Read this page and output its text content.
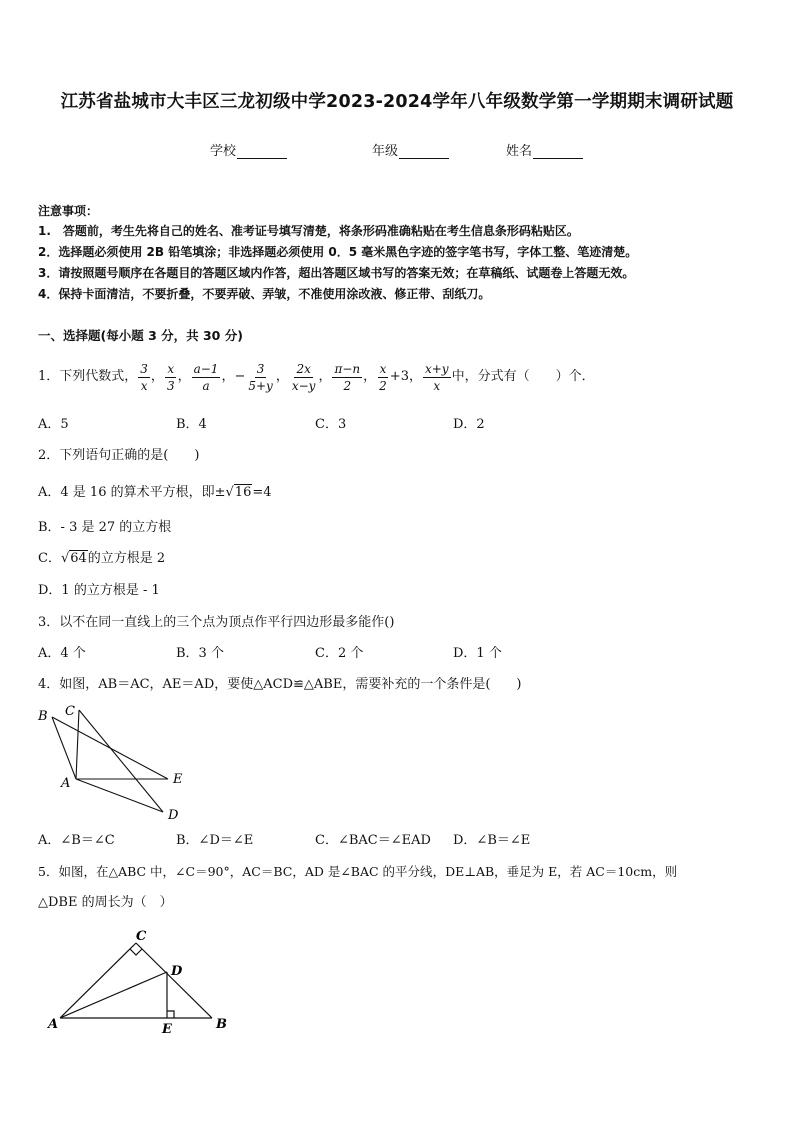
江苏省盐城市大丰区三龙初级中学2023-2024学年八年级数学第一学期期末调研试题
学校	年级	姓名
注意事项：
1.　答题前，考生先将自己的姓名、准考证号填写清楚，将条形码准确粘贴在考生信息条形码粘贴区。
2．选择题必须使用 2B 铅笔填涂；非选择题必须使用 0．5 毫米黑色字迹的签字笔书写，字体工整、笔迹清楚。
3．请按照题号顺序在各题目的答题区域内作答，超出答题区域书写的答案无效；在草稿纸、试题卷上答题无效。
4．保持卡面清洁，不要折叠，不要弄破、弄皱，不准使用涂改液、修正带、刮纸刀。
一、选择题(每小题 3 分，共 30 分)
1．下列代数式， $\frac{3}{x}$ ， $\frac{x}{3}$ ， $\frac{a-1}{a}$ ， − $\frac{3}{5+y}$ ， $\frac{2x}{x-y}$ ， $\frac{\pi-n}{2}$ ， $\frac{x}{2} +3$ ， $\frac{x+y}{x}$ 中，分式有（　　）个．
A．5	B．4	C．3	D．2
2．下列语句正确的是(　　)
A．4 是 16 的算术平方根，即±√16=4
B．- 3 是 27 的立方根
C．√64的立方根是 2
D．1 的立方根是 - 1
3．以不在同一直线上的三个点为顶点作平行四边形最多能作()
A．4 个	B．3 个	C．2 个	D．1 个
4．如图，AB＝AC，AE＝AD，要使△ACD≌△ABE，需要补充的一个条件是(　　)
B C
A	E
D
A．∠B＝∠C	B．∠D＝∠E	C．∠BAC＝∠EAD D．∠B＝∠E
5．如图，在△ABC 中，∠C＝90°，AC＝BC，AD 是∠BAC 的平分线，DE⊥AB，垂足为 E，若 AC＝10cm，则
△DBE 的周长为（　）
C
D
A	E	B
